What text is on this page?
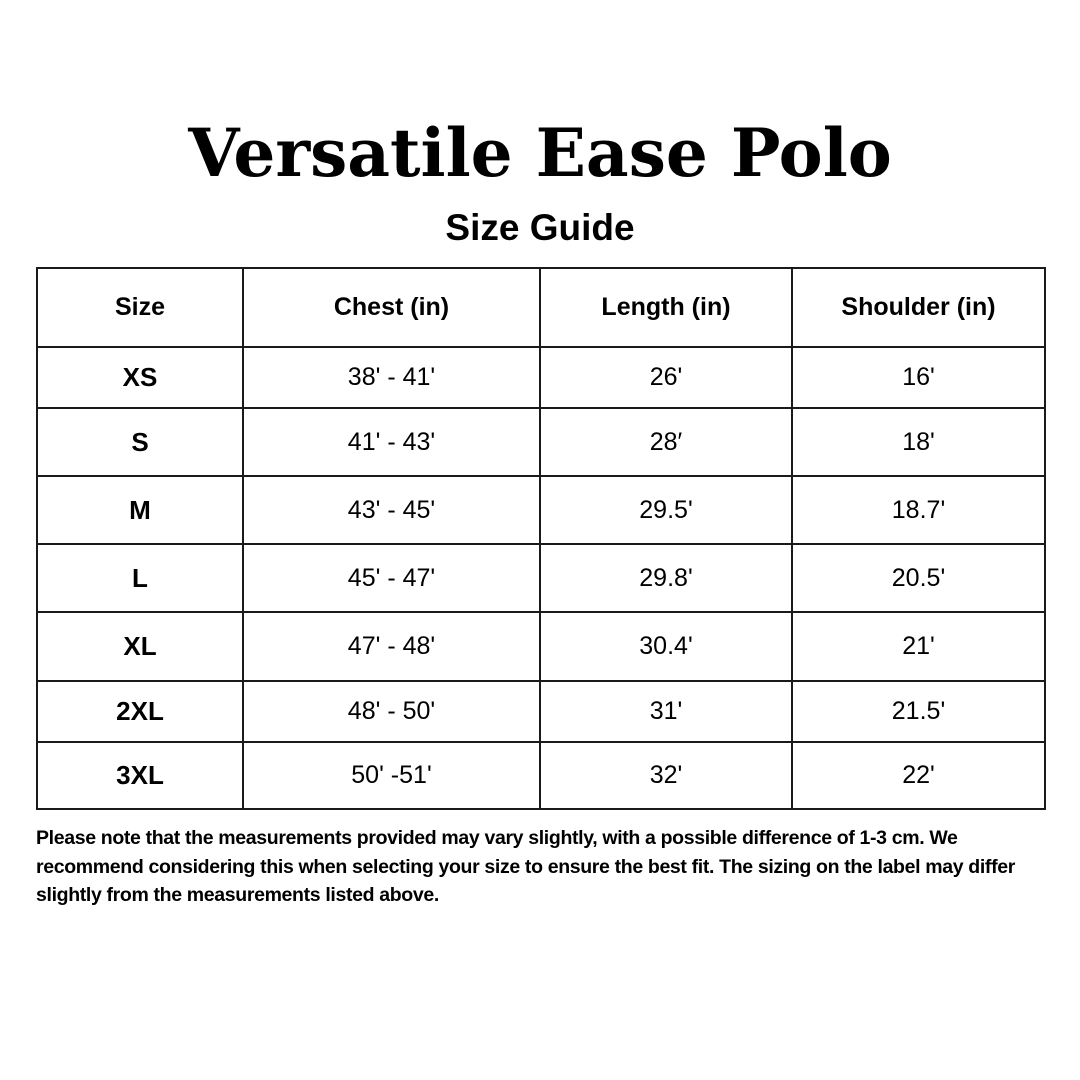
Versatile Ease Polo
Size Guide
Size	Chest (in)	Length (in)	Shoulder (in)
XS	38' - 41'	26'	16'
S	41' - 43'	28′	18'
M	43' - 45'	29.5'	18.7'
L	45' - 47'	29.8'	20.5'
XL	47' - 48'	30.4'	21'
2XL	48' - 50'	31'	21.5'
3XL	50' -51'	32'	22'

Please note that the measurements provided may vary slightly, with a possible difference of 1-3 cm. We recommend considering this when selecting your size to ensure the best fit. The sizing on the label may differ slightly from the measurements listed above.
